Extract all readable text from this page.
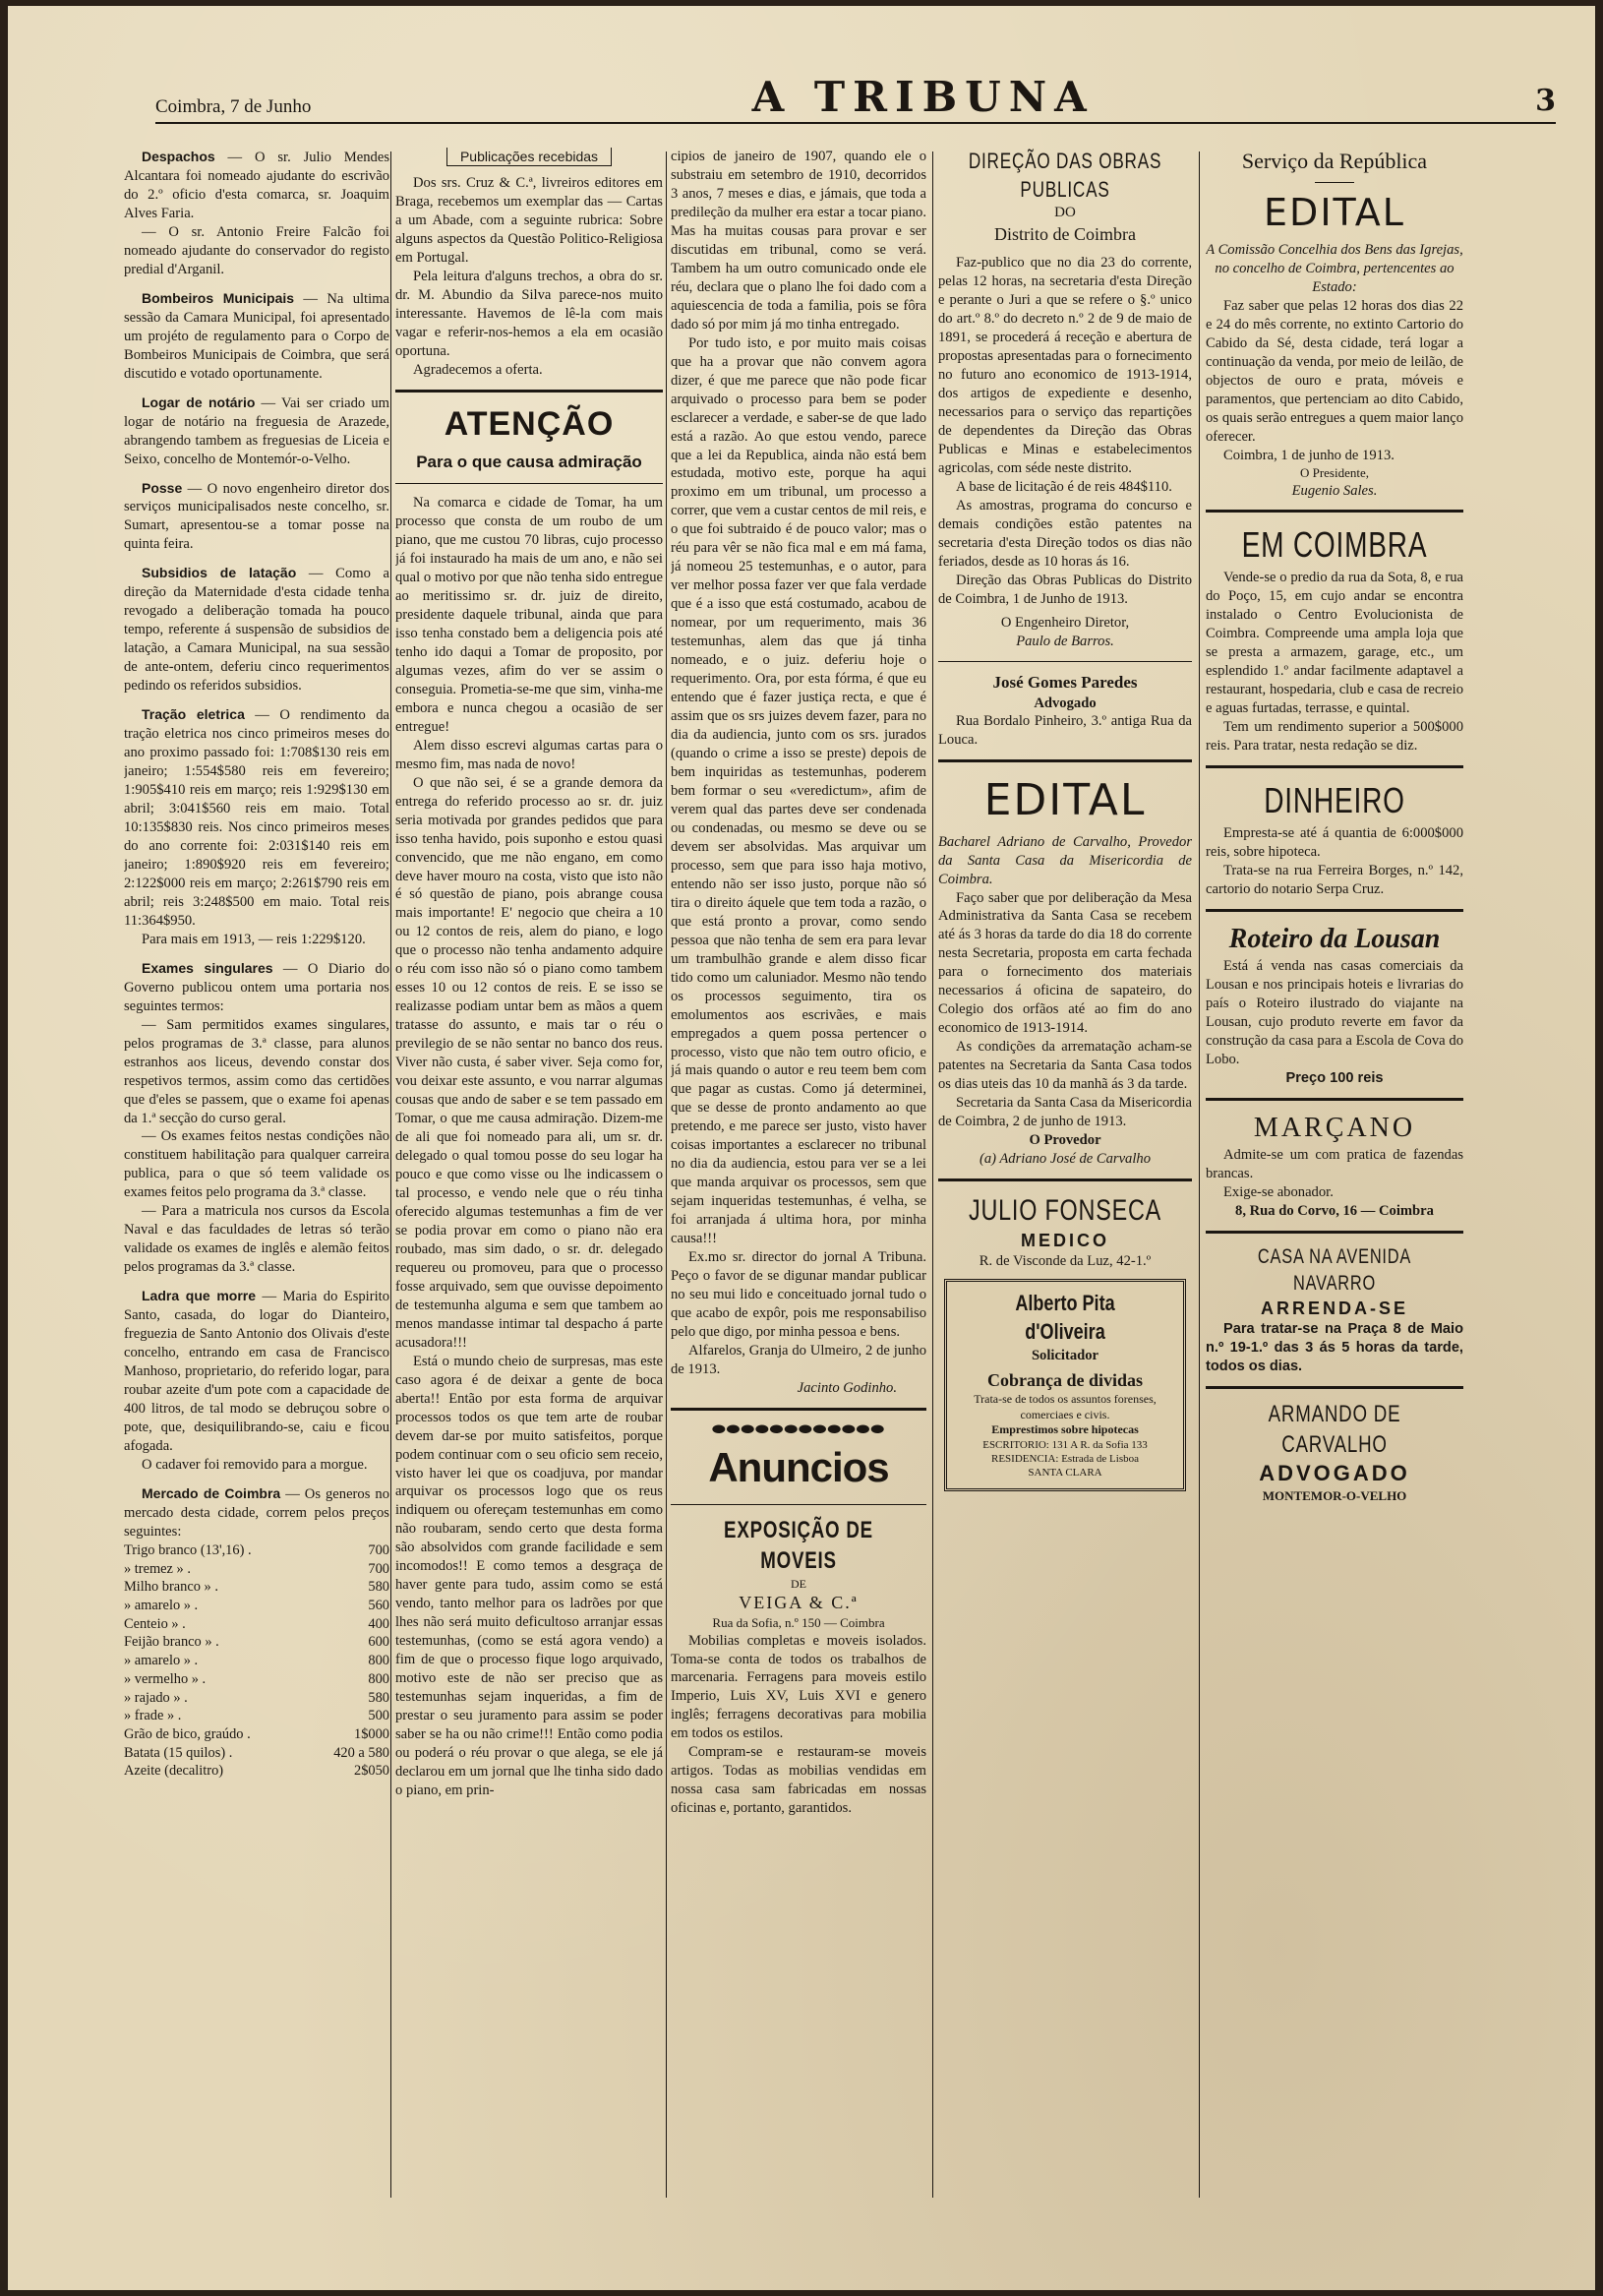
Coimbra, 7 de Junho	A TRIBUNA	3

Despachos — O sr. Julio Mendes Alcantara foi nomeado ajudante do escrivão do 2.º oficio d'esta comarca, sr. Joaquim Alves Faria.

— O sr. Antonio Freire Falcão foi nomeado ajudante do conservador do registo predial d'Arganil.

Bombeiros Municipais — Na ultima sessão da Camara Municipal, foi apresentado um projéto de regulamento para o Corpo de Bombeiros Municipais de Coimbra, que será discutido e votado oportunamente.

Logar de notário — Vai ser criado um logar de notário na freguesia de Arazede, abrangendo tambem as freguesias de Liceia e Seixo, concelho de Montemór-o-Velho.

Posse — O novo engenheiro diretor dos serviços municipalisados neste concelho, sr. Sumart, apresentou-se a tomar posse na quinta feira.

Subsidios de latação — Como a direção da Maternidade d'esta cidade tenha revogado a deliberação tomada ha pouco tempo, referente á suspensão de subsidios de latação, a Camara Municipal, na sua sessão de ante-ontem, deferiu cinco requerimentos pedindo os referidos subsidios.

Tração eletrica — O rendimento da tração eletrica nos cinco primeiros meses do ano proximo passado foi: 1:708$130 reis em janeiro; 1:554$580 reis em fevereiro; 1:905$410 reis em março; reis 1:929$130 em abril; 3:041$560 reis em maio. Total 10:135$830 reis. Nos cinco primeiros meses do ano corrente foi: 2:031$140 reis em janeiro; 1:890$920 reis em fevereiro; 2:122$000 reis em março; 2:261$790 reis em abril; reis 3:248$500 em maio. Total reis 11:364$950.

Para mais em 1913, — reis 1:229$120.

Exames singulares — O Diario do Governo publicou ontem uma portaria nos seguintes termos:

— Sam permitidos exames singulares, pelos programas de 3.ª classe, para alunos estranhos aos liceus, devendo constar dos respetivos termos, assim como das certidões que d'eles se passem, que o exame foi apenas da 1.ª secção do curso geral.

— Os exames feitos nestas condições não constituem habilitação para qualquer carreira publica, para o que só teem validade os exames feitos pelo programa da 3.ª classe.

— Para a matricula nos cursos da Escola Naval e das faculdades de letras só terão validade os exames de inglês e alemão feitos pelos programas da 3.ª classe.

Ladra que morre — Maria do Espirito Santo, casada, do logar do Dianteiro, freguezia de Santo Antonio dos Olivais d'este concelho, entrando em casa de Francisco Manhoso, proprietario, do referido logar, para roubar azeite d'um pote com a capacidade de 400 litros, de tal modo se debruçou sobre o pote, que, desiquilibrando-se, caiu e ficou afogada.

O cadaver foi removido para a morgue.

Mercado de Coimbra — Os generos no mercado desta cidade, correm pelos preços seguintes:

Trigo branco (13',16) .	700
» tremez » .	700
Milho branco » .	580
» amarelo » .	560
Centeio » .	400
Feijão branco » .	600
» amarelo » .	800
» vermelho » .	800
» rajado » .	580
» frade » .	500
Grão de bico, graúdo .	1$000
Batata (15 quilos) .	420 a 580
Azeite (decalitro)	2$050
Publicações recebidas

Dos srs. Cruz & C.ª, livreiros editores em Braga, recebemos um exemplar das — Cartas a um Abade, com a seguinte rubrica: Sobre alguns aspectos da Questão Politico-Religiosa em Portugal.

Pela leitura d'alguns trechos, a obra do sr. dr. M. Abundio da Silva parece-nos muito interessante. Havemos de lê-la com mais vagar e referir-nos-hemos a ela em ocasião oportuna.

Agradecemos a oferta.

ATENÇÃO
Para o que causa admiração

Na comarca e cidade de Tomar, ha um processo que consta de um roubo de um piano, que me custou 70 libras, cujo processo já foi instaurado ha mais de um ano, e não sei qual o motivo por que não tenha sido entregue ao meritissimo sr. dr. juiz de direito, presidente daquele tribunal, ainda que para isso tenha constado bem a deligencia pois até tenho ido daqui a Tomar de proposito, por algumas vezes, afim do ver se assim o conseguia. Prometia-se-me que sim, vinha-me embora e nunca chegou a ocasião de ser entregue!

Alem disso escrevi algumas cartas para o mesmo fim, mas nada de novo!

O que não sei, é se a grande demora da entrega do referido processo ao sr. dr. juiz seria motivada por grandes pedidos que para isso tenha havido, pois suponho e estou quasi convencido, que me não engano, em como deve haver mouro na costa, visto que isto não é só questão de piano, pois abrange cousa mais importante! E' negocio que cheira a 10 ou 12 contos de reis, alem do piano, e logo que o processo não tenha andamento adquire o réu com isso não só o piano como tambem esses 10 ou 12 contos de reis. E se isso se realizasse podiam untar bem as mãos a quem tratasse do assunto, e mais tar o réu o previlegio de se não sentar no banco dos reus. Viver não custa, é saber viver. Seja como for, vou deixar este assunto, e vou narrar algumas cousas que ando de saber e se tem passado em Tomar, o que me causa admiração. Dizem-me de ali que foi nomeado para ali, um sr. dr. delegado o qual tomou posse do seu logar ha pouco e que como visse ou lhe indicassem o tal processo, e vendo nele que o réu tinha oferecido algumas testemunhas a fim de ver se podia provar em como o piano não era roubado, mas sim dado, o sr. dr. delegado requereu ou promoveu, para que o processo fosse arquivado, sem que ouvisse depoimento de testemunha alguma e sem que tambem ao menos mandasse intimar tal despacho á parte acusadora!!!

Está o mundo cheio de surpresas, mas este caso agora é de deixar a gente de boca aberta!! Então por esta forma de arquivar processos todos os que tem arte de roubar devem dar-se por muito satisfeitos, porque podem continuar com o seu oficio sem receio, visto haver lei que os coadjuva, por mandar arquivar os processos logo que os reus indiquem ou ofereçam testemunhas em como não roubaram, sendo certo que desta forma são absolvidos com grande facilidade e sem incomodos!! E como temos a desgraça de haver gente para tudo, assim como se está vendo, tanto melhor para os ladrões por que lhes não será muito deficultoso arranjar essas testemunhas, (como se está agora vendo) a fim de que o processo fique logo arquivado, motivo este de não ser preciso que as testemunhas sejam inqueridas, a fim de prestar o seu juramento para assim se poder saber se ha ou não crime!!! Então como podia ou poderá o réu provar o que alega, se ele já declarou em um jornal que lhe tinha sido dado o piano, em prin-

cipios de janeiro de 1907, quando ele o substraiu em setembro de 1910, decorridos 3 anos, 7 meses e dias, e jámais, que toda a predileção da mulher era estar a tocar piano. Mas ha muitas cousas para provar e ser discutidas em tribunal, como se verá. Tambem ha um outro comunicado onde ele réu, declara que o plano lhe foi dado com a aquiescencia de toda a familia, pois se fôra dado só por mim já mo tinha entregado.

Por tudo isto, e por muito mais coisas que ha a provar que não convem agora dizer, é que me parece que não pode ficar arquivado o processo para bem se poder esclarecer a verdade, e saber-se de que lado está a razão. Ao que estou vendo, parece que a lei da Republica, ainda não está bem estudada, motivo este, porque ha aqui proximo em um tribunal, um processo a correr, que vem a custar centos de mil reis, e o que foi subtraido é de pouco valor; mas o réu para vêr se não fica mal e em má fama, já nomeou 25 testemunhas, e o autor, para ver melhor possa fazer ver que fala verdade que é a isso que está costumado, acabou de nomear, por um requerimento, mais 36 testemunhas, alem das que já tinha nomeado, e o juiz. deferiu hoje o requerimento. Ora, por esta fórma, é que eu entendo que é fazer justiça recta, e que é assim que os srs juizes devem fazer, para no dia da audiencia, junto com os srs. jurados (quando o crime a isso se preste) depois de bem inquiridas as testemunhas, poderem bem formar o seu «veredictum», afim de verem qual das partes deve ser condenada ou condenadas, ou mesmo se deve ou se devem ser absolvidas. Mas arquivar um processo, sem que para isso haja motivo, entendo não ser isso justo, porque não só tira o direito áquele que tem toda a razão, o que está pronto a provar, como sendo pessoa que não tenha de sem era para levar um trambulhão grande e alem disso ficar tido como um caluniador. Mesmo não tendo os processos seguimento, tira os emolumentos aos escrivães, e mais empregados a quem possa pertencer o processo, visto que não tem outro oficio, e já mais quando o autor e reu teem bem com que pagar as custas. Como já determinei, que se desse de pronto andamento ao que pretendo, e me parece ser justo, visto haver coisas importantes a esclarecer no tribunal no dia da audiencia, estou para ver se a lei que manda arquivar os processos, sem que sejam inqueridas testemunhas, é velha, se foi arranjada á ultima hora, por minha causa!!!

Ex.mo sr. director do jornal A Tribuna. Peço o favor de se digunar mandar publicar no seu mui lido e conceituado jornal tudo o que acabo de expôr, pois me responsabiliso pelo que digo, por minha pessoa e bens.

Alfarelos, Granja do Ulmeiro, 2 de junho de 1913.

Jacinto Godinho.

⬬⬬⬬⬬⬬⬬⬬⬬⬬⬬⬬⬬
Anuncios
EXPOSIÇÃO DE MOVEIS
DE
VEIGA & C.ª
Rua da Sofia, n.º 150 — Coimbra

Mobilias completas e moveis isolados. Toma-se conta de todos os trabalhos de marcenaria. Ferragens para moveis estilo Imperio, Luis XV, Luis XVI e genero inglês; ferragens decorativas para mobilia em todos os estilos.

Compram-se e restauram-se moveis artigos. Todas as mobilias vendidas em nossa casa sam fabricadas em nossas oficinas e, portanto, garantidos.

DIREÇÃO DAS OBRAS PUBLICAS
DO
Distrito de Coimbra

Faz-publico que no dia 23 do corrente, pelas 12 horas, na secretaria d'esta Direção e perante o Juri a que se refere o §.º unico do art.º 8.º do decreto n.º 2 de 9 de maio de 1891, se procederá á receção e abertura de propostas apresentadas para o fornecimento no futuro ano economico de 1913-1914, dos artigos de expediente e desenho, necessarios para o serviço das repartições de dependentes da Direção das Obras Publicas e Minas e estabelecimentos agricolas, com séde neste distrito.

A base de licitação é de reis 484$110.

As amostras, programa do concurso e demais condições estão patentes na secretaria d'esta Direção todos os dias não feriados, desde as 10 horas ás 16.

Direção das Obras Publicas do Distrito de Coimbra, 1 de Junho de 1913.

O Engenheiro Diretor,

Paulo de Barros.

José Gomes Paredes
Advogado

Rua Bordalo Pinheiro, 3.º antiga Rua da Louca.

EDITAL

Bacharel Adriano de Carvalho, Provedor da Santa Casa da Misericordia de Coimbra.

Faço saber que por deliberação da Mesa Administrativa da Santa Casa se recebem até ás 3 horas da tarde do dia 18 do corrente nesta Secretaria, proposta em carta fechada para o fornecimento dos materiais necessarios á oficina de sapateiro, do Colegio dos orfãos até ao fim do ano economico de 1913-1914.

As condições da arrematação acham-se patentes na Secretaria da Santa Casa todos os dias uteis das 10 da manhã ás 3 da tarde.

Secretaria da Santa Casa da Misericordia de Coimbra, 2 de junho de 1913.

O Provedor

(a) Adriano José de Carvalho

JULIO FONSECA
MEDICO
R. de Visconde da Luz, 42-1.º
Alberto Pita d'Oliveira
Solicitador
Cobrança de dividas
Trata-se de todos os assuntos forenses, comerciaes e civis.
Emprestimos sobre hipotecas
ESCRITORIO: 131 A R. da Sofia 133
RESIDENCIA: Estrada de Lisboa
SANTA CLARA
Serviço da República
EDITAL

A Comissão Concelhia dos Bens das Igrejas, no concelho de Coimbra, pertencentes ao Estado:

Faz saber que pelas 12 horas dos dias 22 e 24 do mês corrente, no extinto Cartorio do Cabido da Sé, desta cidade, terá logar a continuação da venda, por meio de leilão, de objectos de ouro e prata, móveis e paramentos, que pertenciam ao dito Cabido, os quais serão entregues a quem maior lanço oferecer.

Coimbra, 1 de junho de 1913.

O Presidente,

Eugenio Sales.

EM COIMBRA

Vende-se o predio da rua da Sota, 8, e rua do Poço, 15, em cujo andar se encontra instalado o Centro Evolucionista de Coimbra. Compreende uma ampla loja que se presta a armazem, garage, etc., um esplendido 1.º andar facilmente adaptavel a restaurant, hospedaria, club e casa de recreio e aguas furtadas, terrasse, e quintal.

Tem um rendimento superior a 500$000 reis. Para tratar, nesta redação se diz.

DINHEIRO

Empresta-se até á quantia de 6:000$000 reis, sobre hipoteca.

Trata-se na rua Ferreira Borges, n.º 142, cartorio do notario Serpa Cruz.

Roteiro da Lousan

Está á venda nas casas comerciais da Lousan e nos principais hoteis e livrarias do país o Roteiro ilustrado do viajante na Lousan, cujo produto reverte em favor da construção da casa para a Escola de Cova do Lobo.

Preço 100 reis

MARÇANO

Admite-se um com pratica de fazendas brancas.

Exige-se abonador.

8, Rua do Corvo, 16 — Coimbra

CASA NA AVENIDA NAVARRO
ARRENDA-SE

Para tratar-se na Praça 8 de Maio n.º 19-1.º das 3 ás 5 horas da tarde, todos os dias.

ARMANDO DE CARVALHO
ADVOGADO
MONTEMOR-O-VELHO
